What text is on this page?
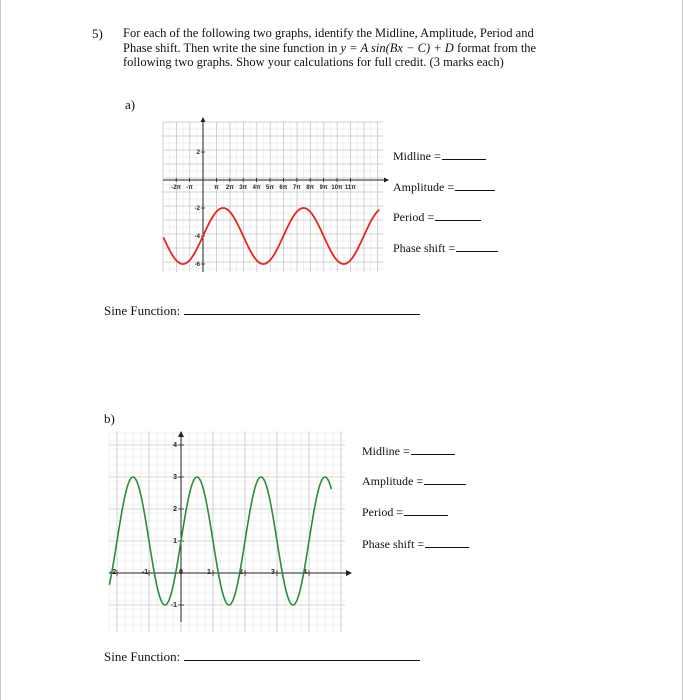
5) For each of the following two graphs, identify the Midline, Amplitude, Period and
Phase shift. Then write the sine function in y = A sin(Bx − C) + D format from the
following two graphs. Show your calculations for full credit. (3 marks each)
a)
-2π -π	π 2π 3π 4π 5π 6π 7π 8π 9π 10π 11π
2
-2
-4
-6
Midline =
Amplitude =
Period =
Phase shift =
Sine Function:
b)
-2	-1	0	1	2	3	4
4
3
2
1
-1
Midline =
Amplitude =
Period =
Phase shift =
Sine Function:
